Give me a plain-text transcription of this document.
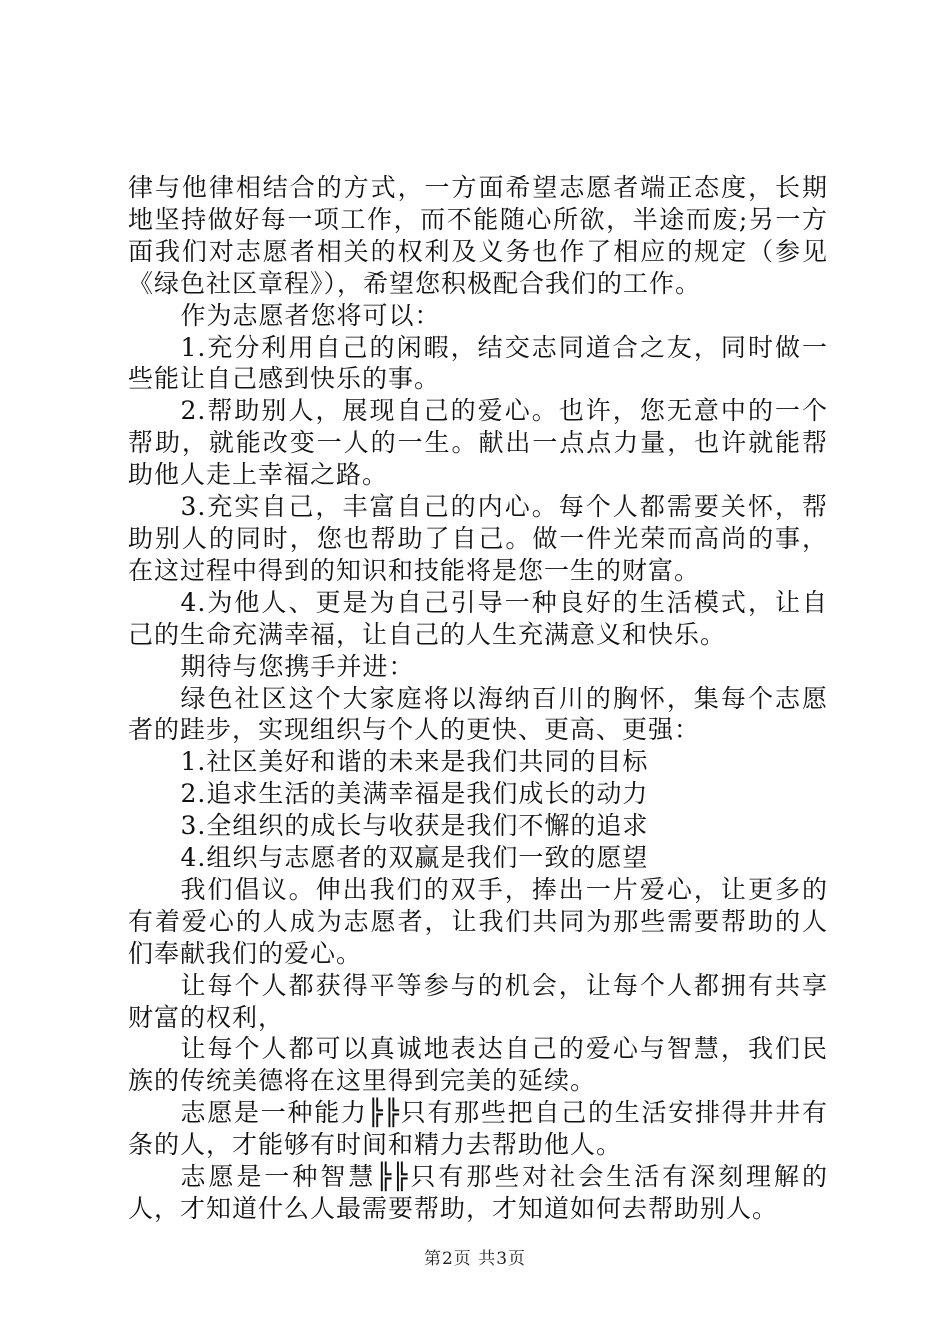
律与他律相结合的方式，一方面希望志愿者端正态度，长期地坚持做好每一项工作，而不能随心所欲，半途而废;另一方面我们对志愿者相关的权利及义务也作了相应的规定（参见《绿色社区章程》），希望您积极配合我们的工作。

作为志愿者您将可以：

1.充分利用自己的闲暇，结交志同道合之友，同时做一些能让自己感到快乐的事。

2.帮助别人，展现自己的爱心。也许，您无意中的一个帮助，就能改变一人的一生。献出一点点力量，也许就能帮助他人走上幸福之路。

3.充实自己，丰富自己的内心。每个人都需要关怀，帮助别人的同时，您也帮助了自己。做一件光荣而高尚的事，在这过程中得到的知识和技能将是您一生的财富。

4.为他人、更是为自己引导一种良好的生活模式，让自己的生命充满幸福，让自己的人生充满意义和快乐。

期待与您携手并进：

绿色社区这个大家庭将以海纳百川的胸怀，集每个志愿者的跬步，实现组织与个人的更快、更高、更强：

1.社区美好和谐的未来是我们共同的目标

2.追求生活的美满幸福是我们成长的动力

3.全组织的成长与收获是我们不懈的追求

4.组织与志愿者的双赢是我们一致的愿望

我们倡议。伸出我们的双手，捧出一片爱心，让更多的有着爱心的人成为志愿者，让我们共同为那些需要帮助的人们奉献我们的爱心。

让每个人都获得平等参与的机会，让每个人都拥有共享财富的权利，

让每个人都可以真诚地表达自己的爱心与智慧，我们民族的传统美德将在这里得到完美的延续。

志愿是一种能力╠╠只有那些把自己的生活安排得井井有条的人，才能够有时间和精力去帮助他人。

志愿是一种智慧╠╠只有那些对社会生活有深刻理解的人，才知道什么人最需要帮助，才知道如何去帮助别人。

第2页 共3页
